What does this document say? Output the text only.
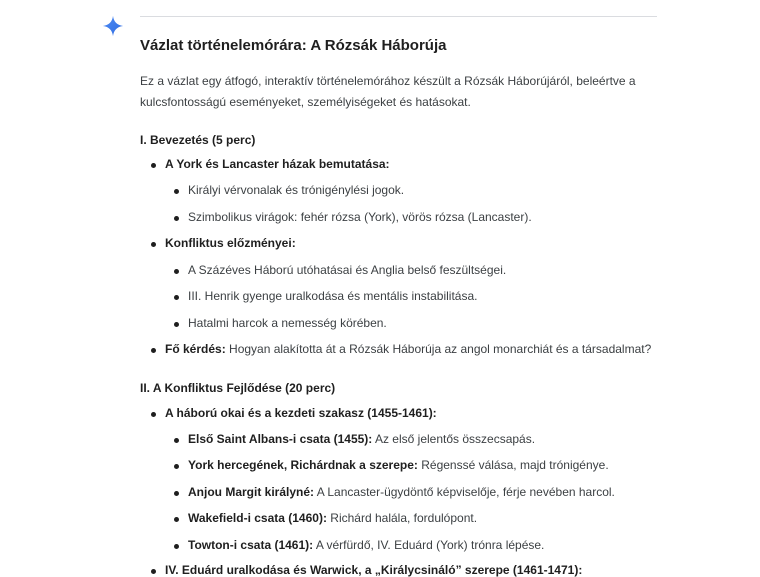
Vázlat történelemórára: A Rózsák Háborúja
Ez a vázlat egy átfogó, interaktív történelemórához készült a Rózsák Háborújáról, beleértve a kulcsfontosságú eseményeket, személyiségeket és hatásokat.
I. Bevezetés (5 perc)
A York és Lancaster házak bemutatása:
Királyi vérvonalak és trónigénylési jogok.
Szimbolikus virágok: fehér rózsa (York), vörös rózsa (Lancaster).
Konfliktus előzményei:
A Százéves Háború utóhatásai és Anglia belső feszültségei.
III. Henrik gyenge uralkodása és mentális instabilitása.
Hatalmi harcok a nemesség körében.
Fő kérdés: Hogyan alakította át a Rózsák Háborúja az angol monarchiát és a társadalmat?
II. A Konfliktus Fejlődése (20 perc)
A háború okai és a kezdeti szakasz (1455-1461):
Első Saint Albans-i csata (1455): Az első jelentős összecsapás.
York hercegének, Richárdnak a szerepe: Régenssé válása, majd trónigénye.
Anjou Margit királyné: A Lancaster-ügydöntő képviselője, férje nevében harcol.
Wakefield-i csata (1460): Richárd halála, fordulópont.
Towton-i csata (1461): A vérfürdő, IV. Eduárd (York) trónra lépése.
IV. Eduárd uralkodása és Warwick, a „Királycsináló” szerepe (1461-1471):
